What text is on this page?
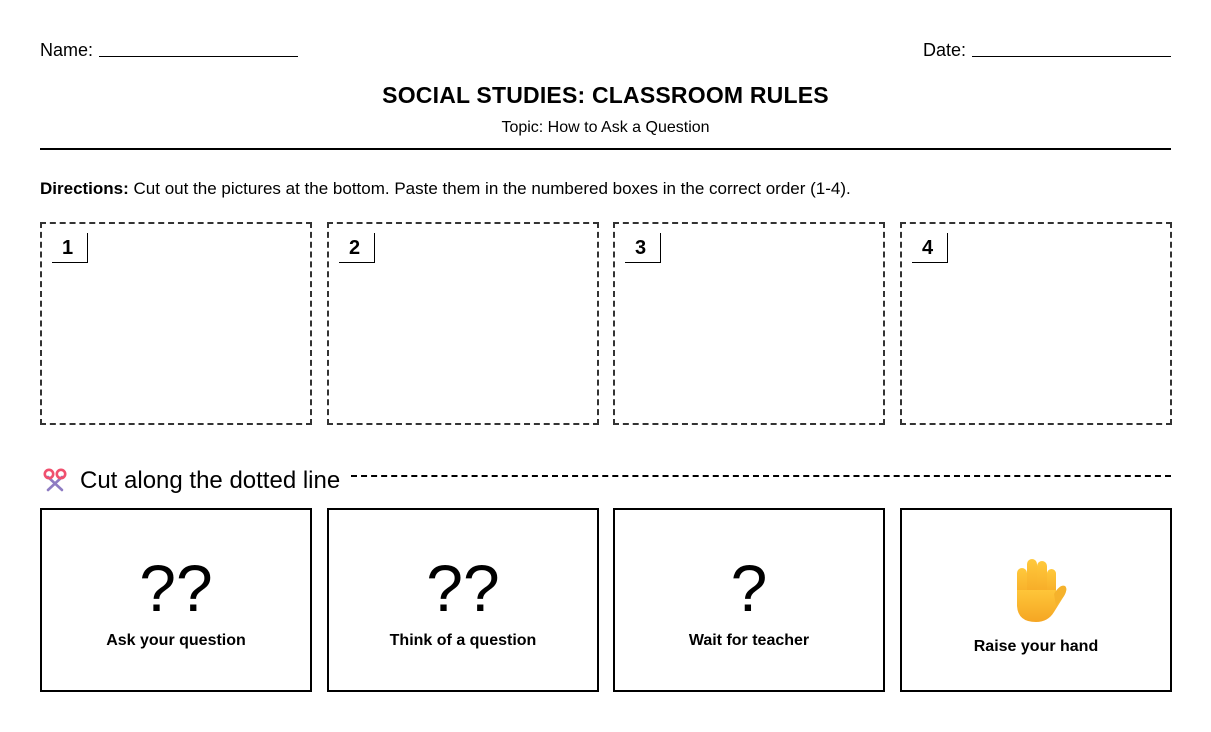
Name:	Date:
SOCIAL STUDIES: CLASSROOM RULES
Topic: How to Ask a Question
Directions: Cut out the pictures at the bottom. Paste them in the numbered boxes in the correct order (1-4).
1	2	3	4
Cut along the dotted line
??
Ask your question
??
Think of a question
?
Wait for teacher	Raise your hand
